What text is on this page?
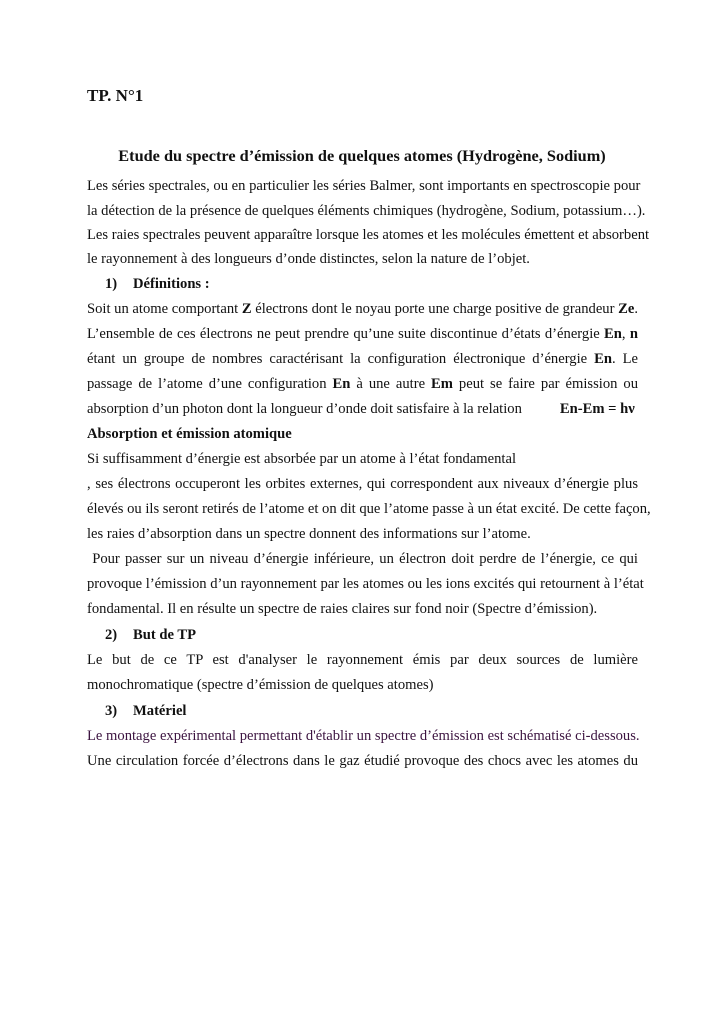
TP. N°1
Etude du spectre d’émission de quelques atomes (Hydrogène, Sodium)
Les séries spectrales, ou en particulier les séries Balmer, sont importants en spectroscopie pour
la détection de la présence de quelques éléments chimiques (hydrogène, Sodium, potassium…).
Les raies spectrales peuvent apparaître lorsque les atomes et les molécules émettent et absorbent
le rayonnement à des longueurs d’onde distinctes, selon la nature de l’objet.
1) Définitions :
Soit un atome comportant Z électrons dont le noyau porte une charge positive de grandeur Ze.
L’ensemble de ces électrons ne peut prendre qu’une suite discontinue d’états d’énergie En, n
étant un groupe de nombres caractérisant la configuration électronique d’énergie En. Le
passage de l’atome d’une configuration En à une autre Em peut se faire par émission ou
absorption d’un photon dont la longueur d’onde doit satisfaire à la relation	En-Em = hν
Absorption et émission atomique
Si suffisamment d’énergie est absorbée par un atome à l’état fondamental
, ses électrons occuperont les orbites externes, qui correspondent aux niveaux d’énergie plus
élevés ou ils seront retirés de l’atome et on dit que l’atome passe à un état excité. De cette façon,
les raies d’absorption dans un spectre donnent des informations sur l’atome.
Pour passer sur un niveau d’énergie inférieure, un électron doit perdre de l’énergie, ce qui
provoque l’émission d’un rayonnement par les atomes ou les ions excités qui retournent à l’état
fondamental. Il en résulte un spectre de raies claires sur fond noir (Spectre d’émission).
2) But de TP
Le but de ce TP est d'analyser le rayonnement émis par deux sources de lumière
monochromatique (spectre d’émission de quelques atomes)
3) Matériel
Le montage expérimental permettant d'établir un spectre d’émission est schématisé ci-dessous.
Une circulation forcée d’électrons dans le gaz étudié provoque des chocs avec les atomes du
